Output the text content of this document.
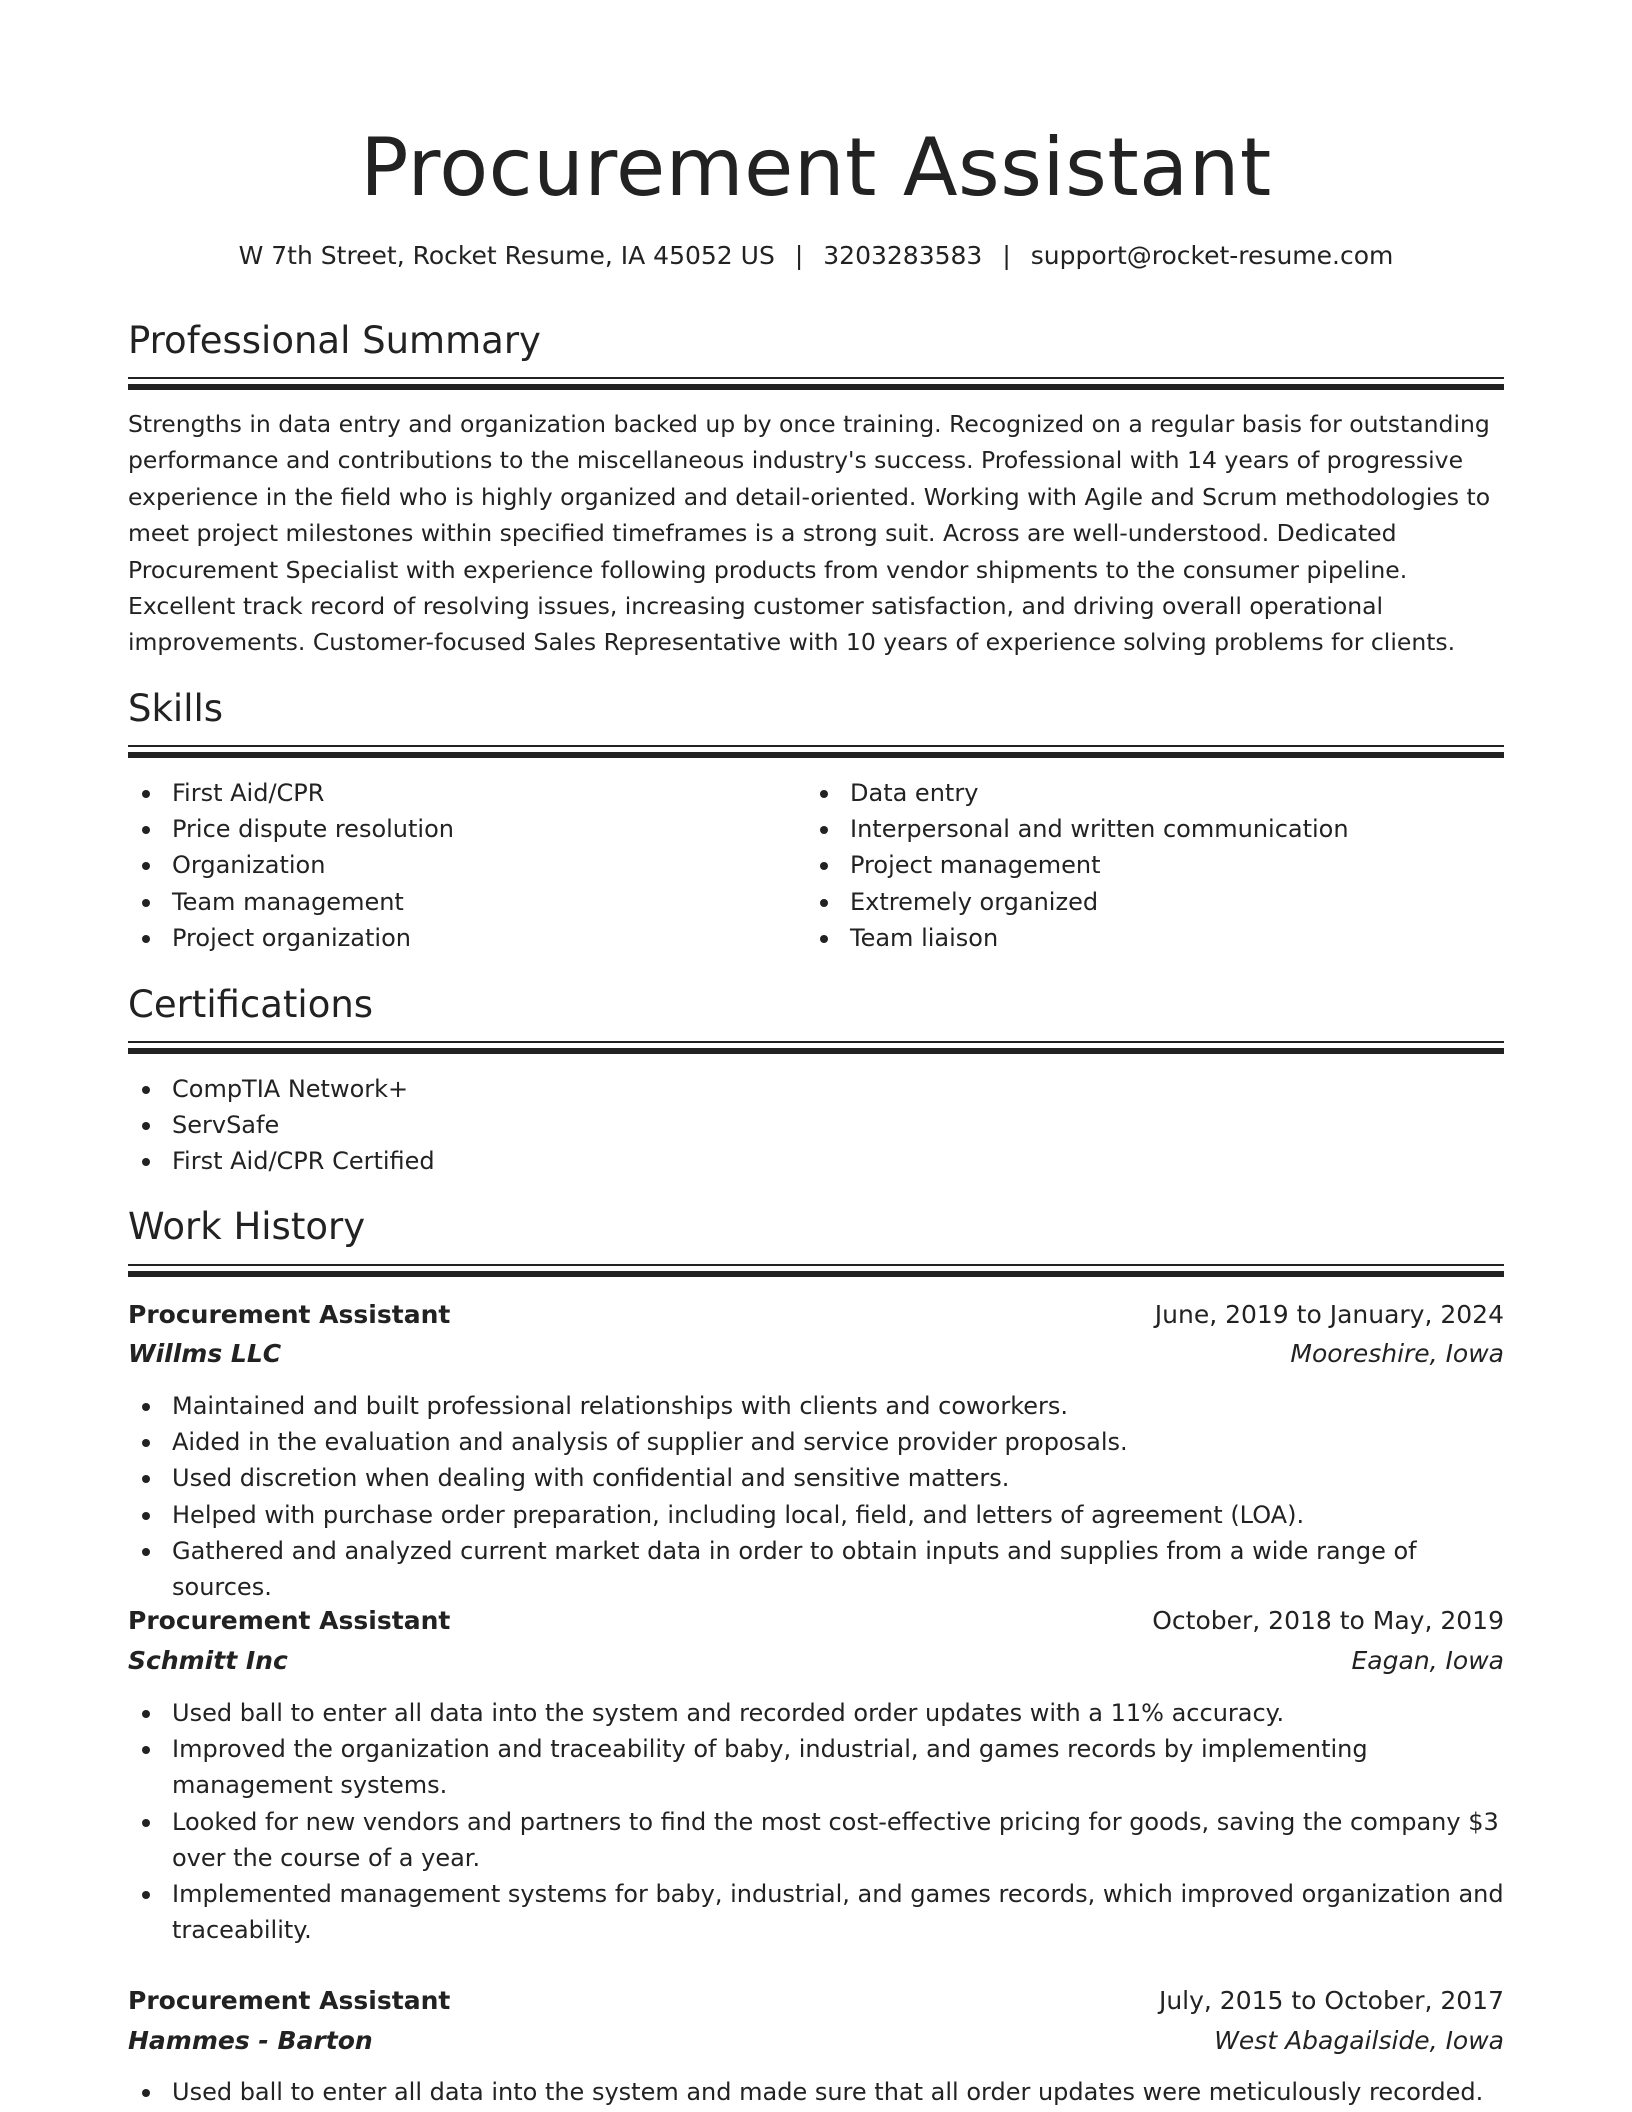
Procurement Assistant
W 7th Street, Rocket Resume, IA 45052 US | 3203283583 | support@rocket-resume.com
Professional Summary

Strengths in data entry and organization backed up by once training. Recognized on a regular basis for outstanding performance and contributions to the miscellaneous industry's success. Professional with 14 years of progressive experience in the field who is highly organized and detail-oriented. Working with Agile and Scrum methodologies to meet project milestones within specified timeframes is a strong suit. Across are well-understood. Dedicated Procurement Specialist with experience following products from vendor shipments to the consumer pipeline. Excellent track record of resolving issues, increasing customer satisfaction, and driving overall operational improvements. Customer-focused Sales Representative with 10 years of experience solving problems for clients.

Skills
First Aid/CPR
Price dispute resolution
Organization
Team management
Project organization
Data entry
Interpersonal and written communication
Project management
Extremely organized
Team liaison
Certifications
CompTIA Network+
ServSafe
First Aid/CPR Certified
Work History
Procurement Assistant	June, 2019 to January, 2024
Willms LLC	Mooreshire, Iowa
Maintained and built professional relationships with clients and coworkers.
Aided in the evaluation and analysis of supplier and service provider proposals.
Used discretion when dealing with confidential and sensitive matters.
Helped with purchase order preparation, including local, field, and letters of agreement (LOA).
Gathered and analyzed current market data in order to obtain inputs and supplies from a wide range of sources.
Procurement Assistant	October, 2018 to May, 2019
Schmitt Inc	Eagan, Iowa
Used ball to enter all data into the system and recorded order updates with a 11% accuracy.
Improved the organization and traceability of baby, industrial, and games records by implementing management systems.
Looked for new vendors and partners to find the most cost-effective pricing for goods, saving the company $3 over the course of a year.
Implemented management systems for baby, industrial, and games records, which improved organization and traceability.
Procurement Assistant	July, 2015 to October, 2017
Hammes - Barton	West Abagailside, Iowa
Used ball to enter all data into the system and made sure that all order updates were meticulously recorded.
